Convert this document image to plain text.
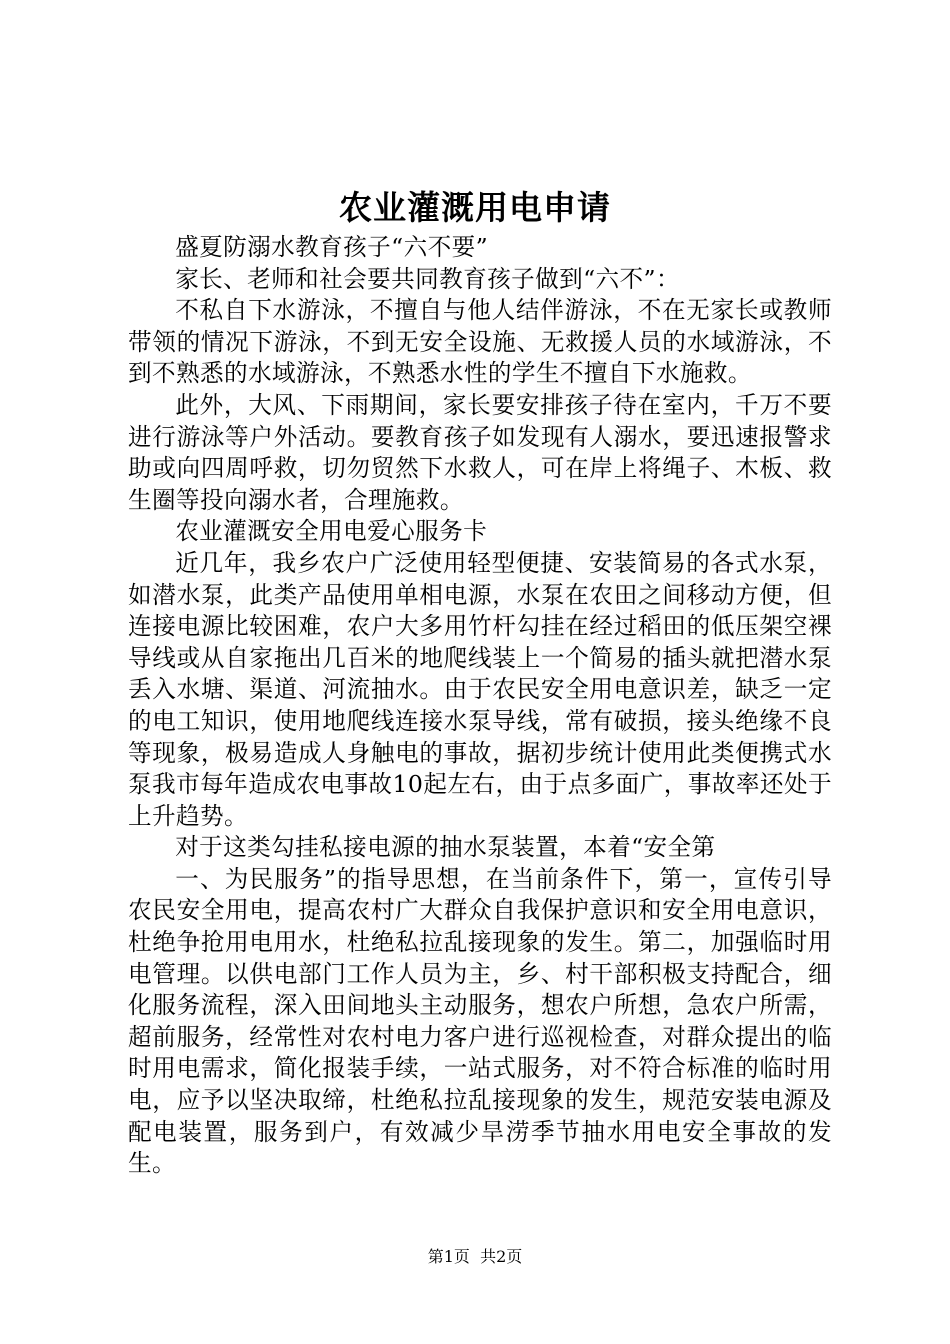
农业灌溉用电申请

盛夏防溺水教育孩子“六不要”

家长、老师和社会要共同教育孩子做到“六不”：

不私自下水游泳，不擅自与他人结伴游泳，不在无家长或教师带领的情况下游泳，不到无安全设施、无救援人员的水域游泳，不到不熟悉的水域游泳，不熟悉水性的学生不擅自下水施救。

此外，大风、下雨期间，家长要安排孩子待在室内，千万不要进行游泳等户外活动。要教育孩子如发现有人溺水，要迅速报警求助或向四周呼救，切勿贸然下水救人，可在岸上将绳子、木板、救生圈等投向溺水者，合理施救。

农业灌溉安全用电爱心服务卡

近几年，我乡农户广泛使用轻型便捷、安装简易的各式水泵，如潜水泵，此类产品使用单相电源，水泵在农田之间移动方便，但连接电源比较困难，农户大多用竹杆勾挂在经过稻田的低压架空裸导线或从自家拖出几百米的地爬线装上一个简易的插头就把潜水泵丢入水塘、渠道、河流抽水。由于农民安全用电意识差，缺乏一定的电工知识，使用地爬线连接水泵导线，常有破损，接头绝缘不良等现象，极易造成人身触电的事故，据初步统计使用此类便携式水泵我市每年造成农电事故10起左右，由于点多面广，事故率还处于上升趋势。

对于这类勾挂私接电源的抽水泵装置，本着“安全第

一、为民服务”的指导思想，在当前条件下，第一，宣传引导农民安全用电，提高农村广大群众自我保护意识和安全用电意识，杜绝争抢用电用水，杜绝私拉乱接现象的发生。第二，加强临时用电管理。以供电部门工作人员为主，乡、村干部积极支持配合，细化服务流程，深入田间地头主动服务，想农户所想，急农户所需，超前服务，经常性对农村电力客户进行巡视检查，对群众提出的临时用电需求，简化报装手续，一站式服务，对不符合标准的临时用电，应予以坚决取缔，杜绝私拉乱接现象的发生，规范安装电源及配电装置，服务到户，有效减少旱涝季节抽水用电安全事故的发生。

第1页 共2页
